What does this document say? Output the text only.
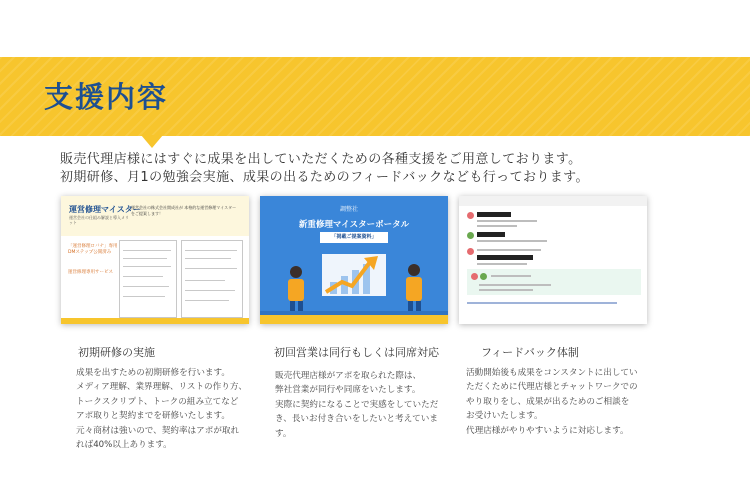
支援内容

販売代理店様にはすぐに成果を出していただくための各種支援をご用意しております。

初期研修、月1の勉強会実施、成果の出るためのフィードバックなども行っております。

運営修理マイスター
運営会社の仕組み解説と導入メリット
運営会社の株式会社開成社が 本格的な運営修理マイスター をご提案します！
「運営修理ロバナ」専用 DMステップ公開済み
運営修理専用サービス
調整社
新重修理マイスターポータル
「掲載ご提案資料」
初期研修の実施

成果を出すための初期研修を行います。

メディア理解、業界理解、リストの作り方、

トークスクリプト、トークの組み立てなど

アポ取りと契約までを研修いたします。

元々商材は強いので、契約率はアポが取れ

れば40%以上あります。

初回営業は同行もしくは同席対応

販売代理店様がアポを取られた際は、

弊社営業が同行や同席をいたします。

実際に契約になることで実感をしていただ

き、長いお付き合いをしたいと考えていま

す。

フィードバック体制

活動開始後も成果をコンスタントに出してい

ただくために代理店様とチャットワークでの

やり取りをし、成果が出るためのご相談を

お受けいたします。

代理店様がやりやすいように対応します。
